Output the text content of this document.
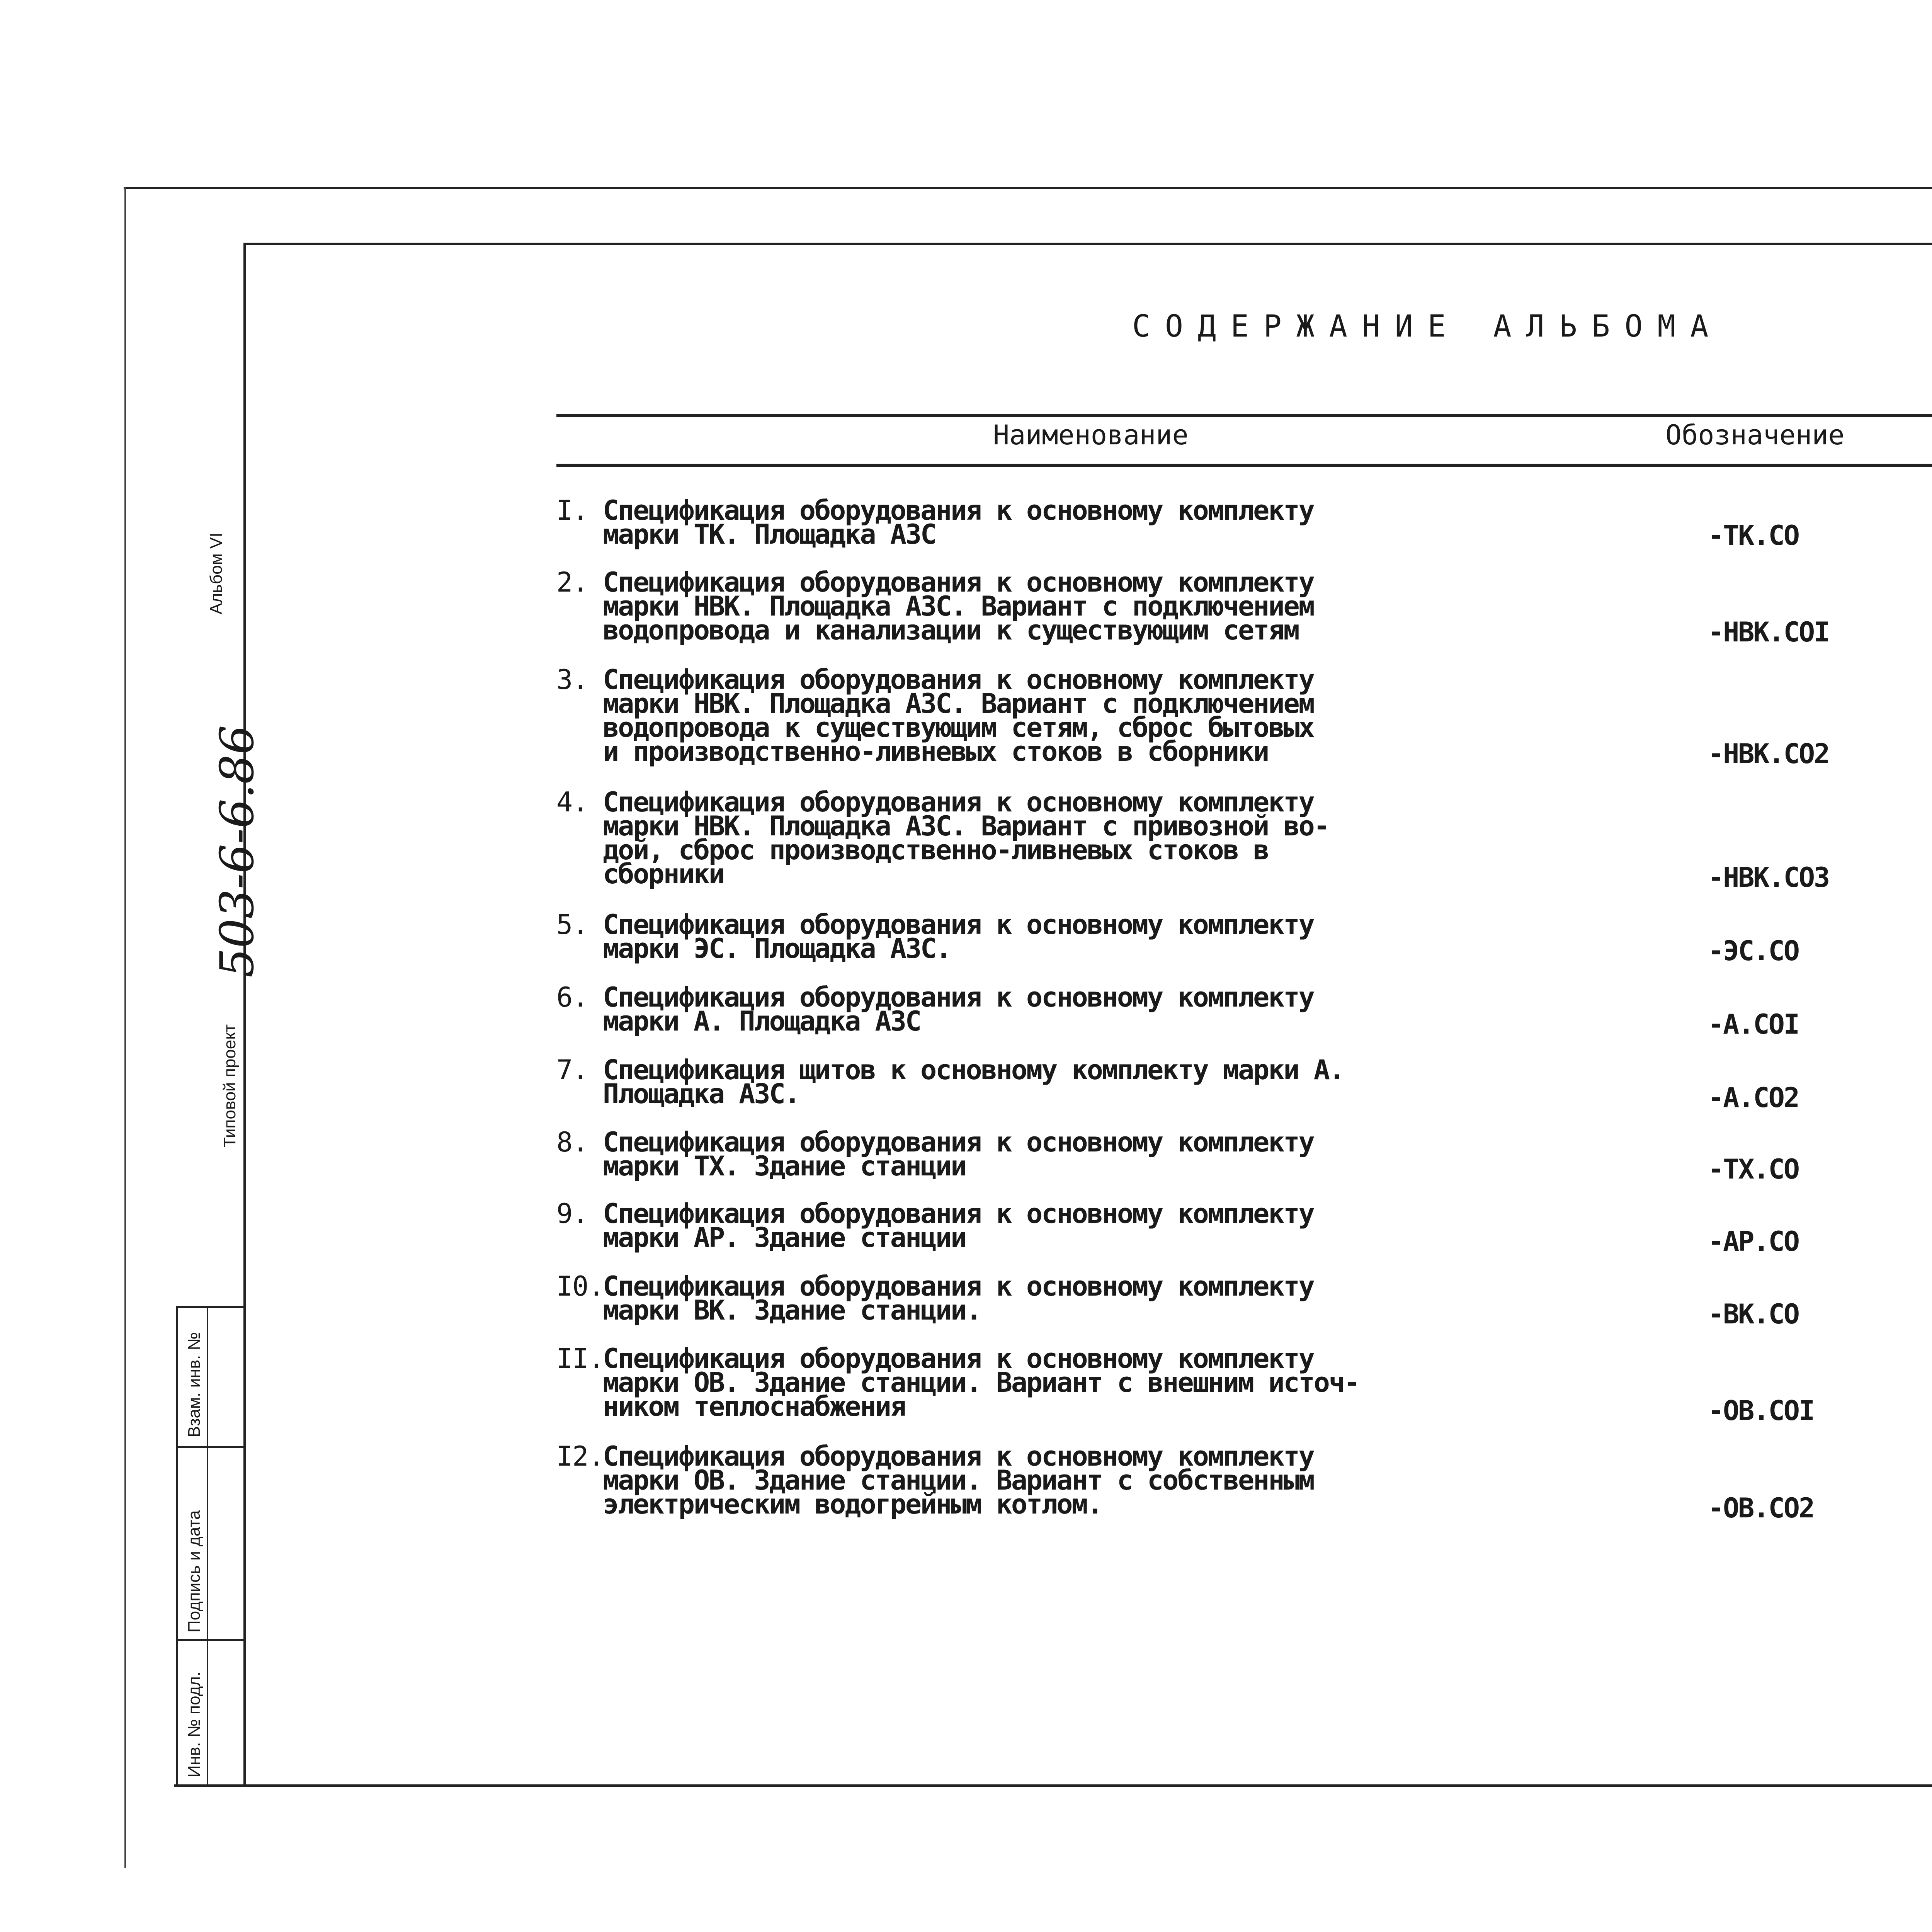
СОДЕРЖАНИЕ АЛЬБОМА
Наименование	Обозначение
I. Спецификация оборудования к основному комплекту
марки ТК. Площадка АЗС	-ТК.СО
2. Спецификация оборудования к основному комплекту
марки НВК. Площадка АЗС. Вариант с подключением
водопровода и канализации к существующим сетям	-НВК.СОI
3. Спецификация оборудования к основному комплекту
марки НВК. Площадка АЗС. Вариант с подключением
водопровода к существующим сетям, сброс бытовых
и производственно-ливневых стоков в сборники	-НВК.СО2
4. Спецификация оборудования к основному комплекту
марки НВК. Площадка АЗС. Вариант с привозной во-
дой, сброс производственно-ливневых стоков в
сборники	-НВК.СО3
5. Спецификация оборудования к основному комплекту
марки ЭС. Площадка АЗС.	-ЭС.СО
6. Спецификация оборудования к основному комплекту
марки А. Площадка АЗС	-А.СОI
7. Спецификация щитов к основному комплекту марки А.
Площадка АЗС.	-А.СО2
8. Спецификация оборудования к основному комплекту
марки ТХ. Здание станции	-ТХ.СО
9. Спецификация оборудования к основному комплекту
марки АР. Здание станции	-АР.СО
I0.
Спецификация оборудования к основному комплекту
марки ВК. Здание станции.	-ВК.СО
II.
Спецификация оборудования к основному комплекту
марки ОВ. Здание станции. Вариант с внешним источ-
ником теплоснабжения	-ОВ.СОI
I2.
Спецификация оборудования к основному комплекту
марки ОВ. Здание станции. Вариант с собственным
электрическим водогрейным котлом.	-ОВ.СО2
Альбом VI
503-6-6.86
Типовой проект
Взам. инв. №
Подпись и дата
Инв. № подл.
